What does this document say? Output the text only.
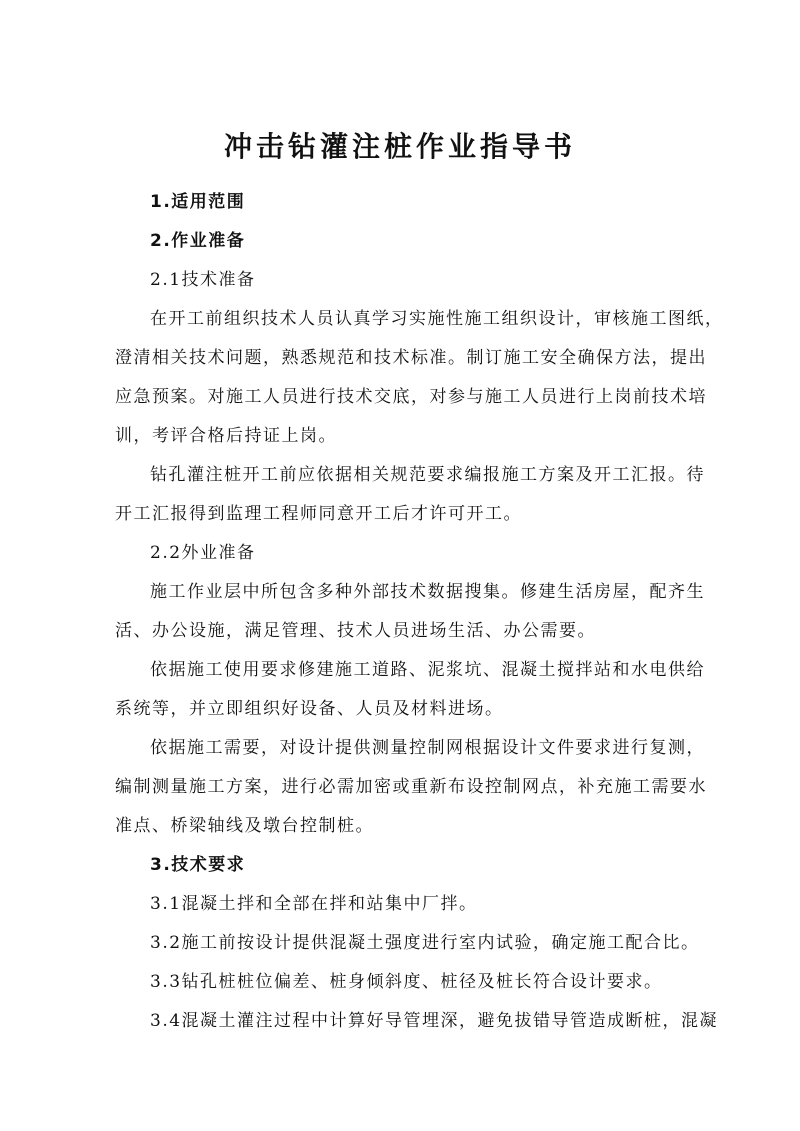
冲击钻灌注桩作业指导书
1.适用范围
2.作业准备
2.1技术准备
在开工前组织技术人员认真学习实施性施工组织设计，审核施工图纸，
澄清相关技术问题，熟悉规范和技术标准。制订施工安全确保方法，提出
应急预案。对施工人员进行技术交底，对参与施工人员进行上岗前技术培
训，考评合格后持证上岗。
钻孔灌注桩开工前应依据相关规范要求编报施工方案及开工汇报。待
开工汇报得到监理工程师同意开工后才许可开工。
2.2外业准备
施工作业层中所包含多种外部技术数据搜集。修建生活房屋，配齐生
活、办公设施，满足管理、技术人员进场生活、办公需要。
依据施工使用要求修建施工道路、泥浆坑、混凝土搅拌站和水电供给
系统等，并立即组织好设备、人员及材料进场。
依据施工需要，对设计提供测量控制网根据设计文件要求进行复测，
编制测量施工方案，进行必需加密或重新布设控制网点，补充施工需要水
准点、桥梁轴线及墩台控制桩。
3.技术要求
3.1混凝土拌和全部在拌和站集中厂拌。
3.2施工前按设计提供混凝土强度进行室内试验，确定施工配合比。
3.3钻孔桩桩位偏差、桩身倾斜度、桩径及桩长符合设计要求。
3.4混凝土灌注过程中计算好导管埋深，避免拔错导管造成断桩，混凝
